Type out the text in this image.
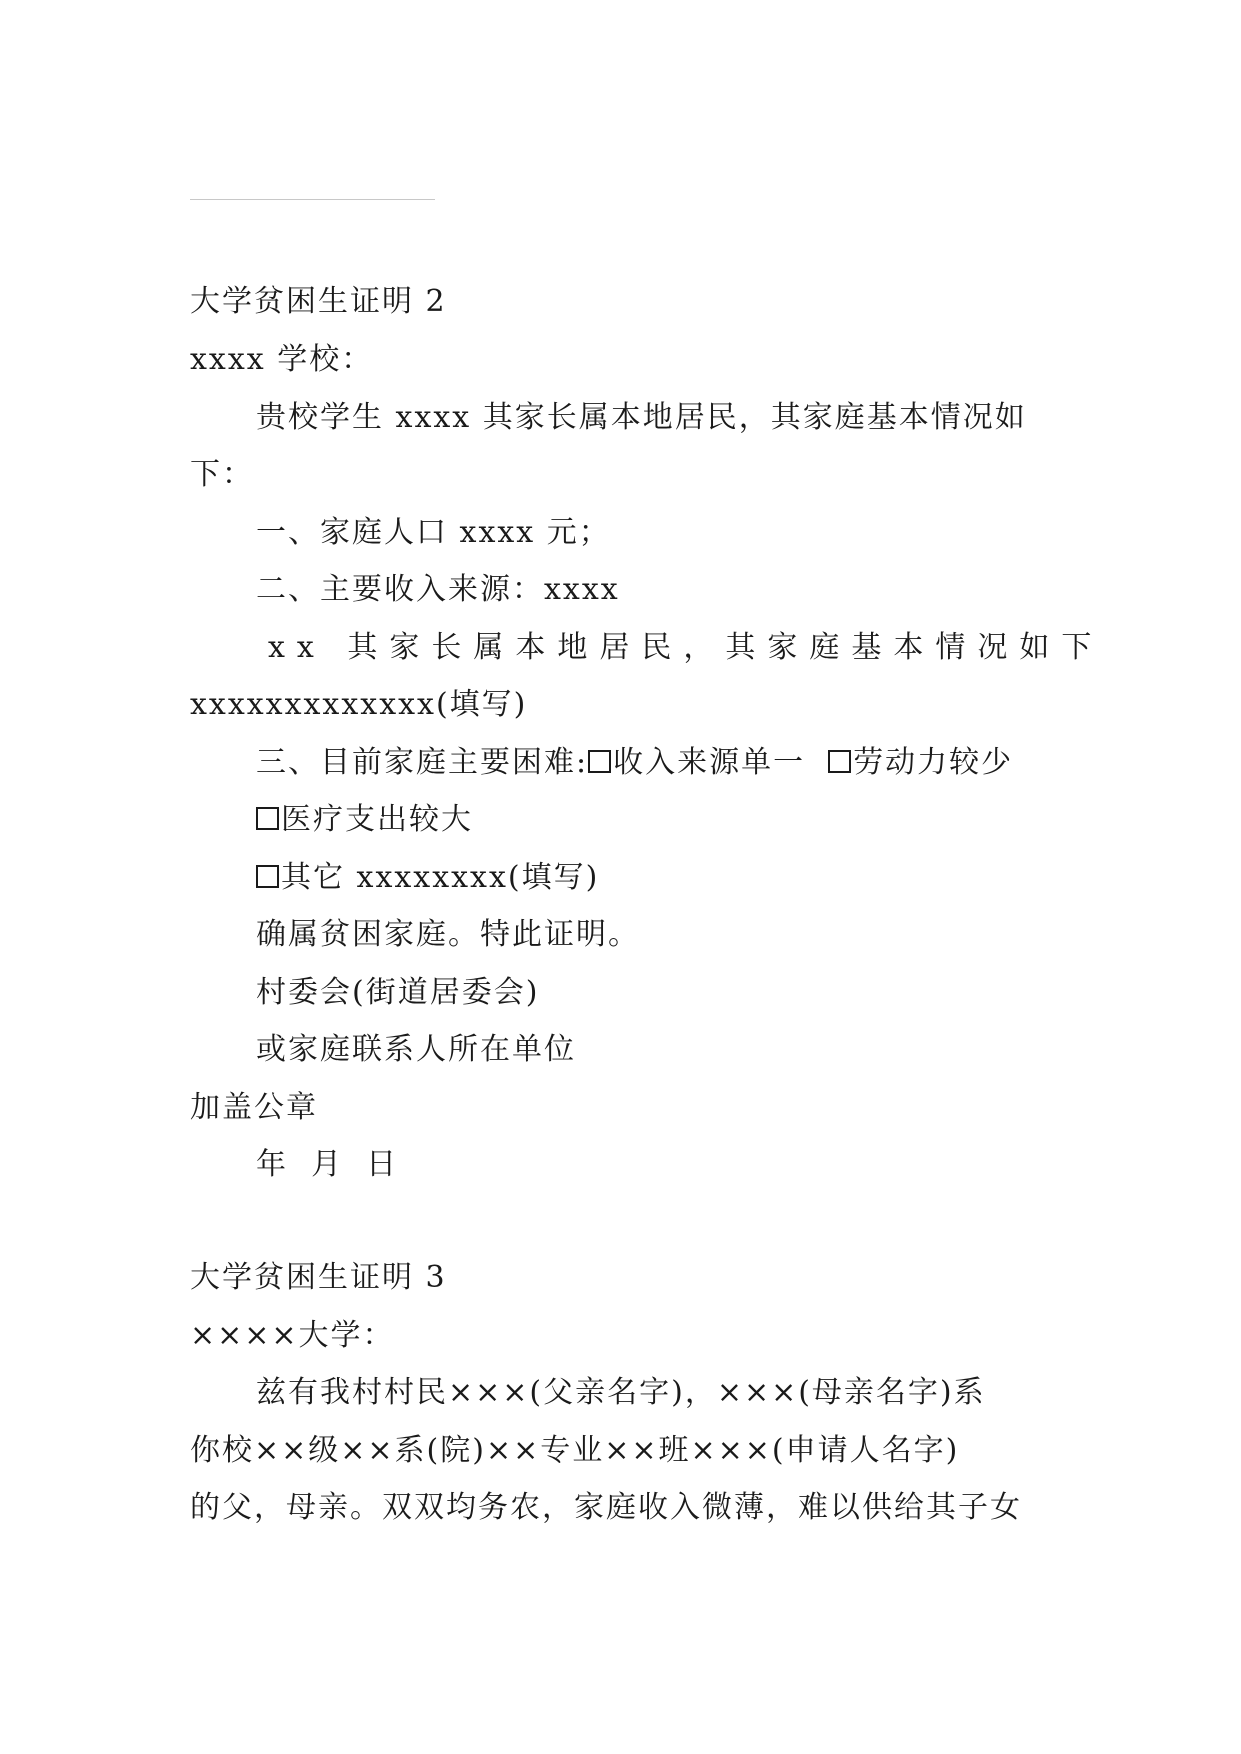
大学贫困生证明 2
xxxx 学校：
贵校学生 xxxx 其家长属本地居民，其家庭基本情况如
下：
一、家庭人口 xxxx 元；
二、主要收入来源：xxxx
xx 其家长属本地居民，其家庭基本情况如下
xxxxxxxxxxxxx(填写)
三、目前家庭主要困难: 收入来源单一 劳动力较少
医疗支出较大
其它 xxxxxxxx(填写)
确属贫困家庭。特此证明。
村委会(街道居委会)
或家庭联系人所在单位
加盖公章
年  月  日
大学贫困生证明 3
××××大学：
兹有我村村民×××(父亲名字)，×××(母亲名字)系
你校××级××系(院)××专业××班×××(申请人名字)
的父，母亲。双双均务农，家庭收入微薄，难以供给其子女
